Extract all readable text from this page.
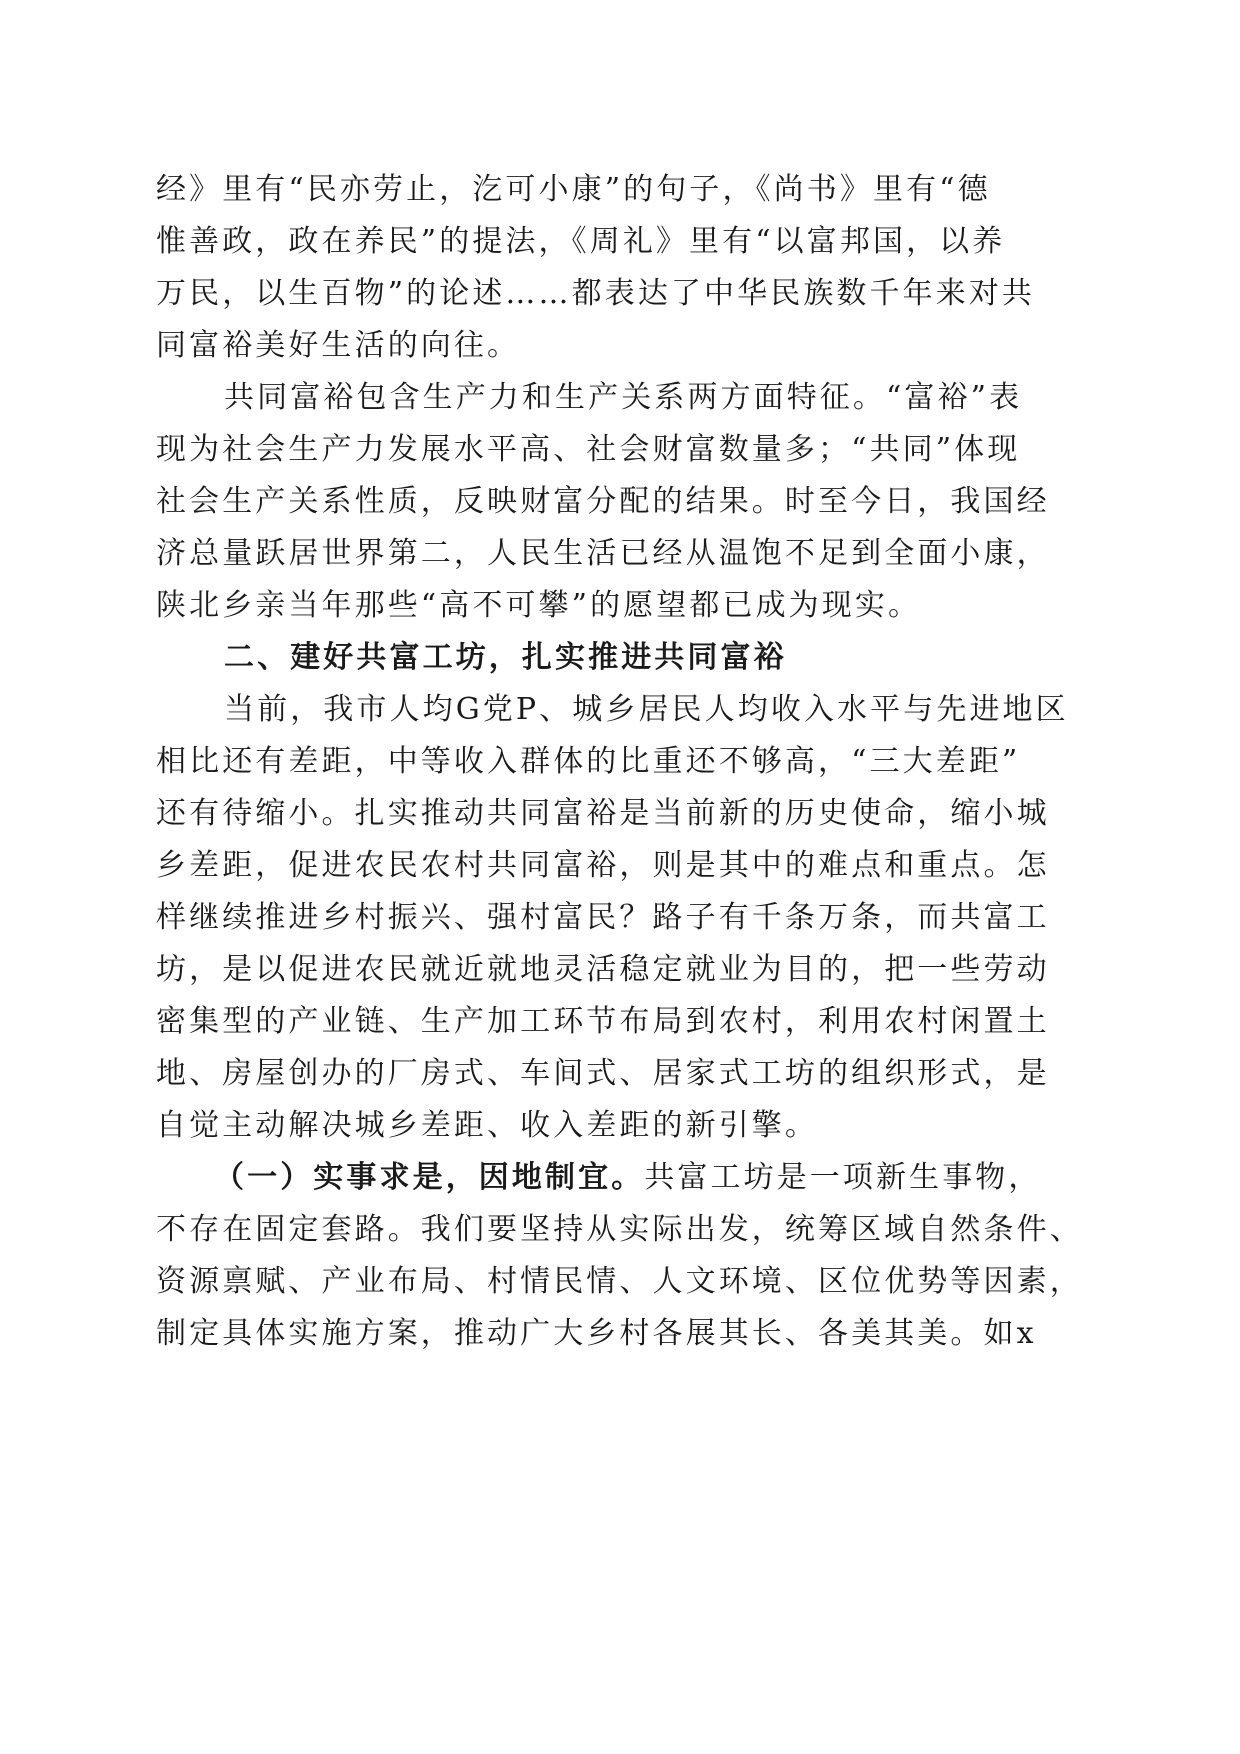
经》里有“民亦劳止，汔可小康”的句子，《尚书》里有“德
惟善政，政在养民”的提法，《周礼》里有“以富邦国，以养
万民，以生百物”的论述……都表达了中华民族数千年来对共
同富裕美好生活的向往。
共同富裕包含生产力和生产关系两方面特征。“富裕”表
现为社会生产力发展水平高、社会财富数量多；“共同”体现
社会生产关系性质，反映财富分配的结果。时至今日，我国经
济总量跃居世界第二，人民生活已经从温饱不足到全面小康，
陕北乡亲当年那些“高不可攀”的愿望都已成为现实。
二、建好共富工坊，扎实推进共同富裕
当前，我市人均G党P、城乡居民人均收入水平与先进地区
相比还有差距，中等收入群体的比重还不够高，“三大差距”
还有待缩小。扎实推动共同富裕是当前新的历史使命，缩小城
乡差距，促进农民农村共同富裕，则是其中的难点和重点。怎
样继续推进乡村振兴、强村富民？路子有千条万条，而共富工
坊，是以促进农民就近就地灵活稳定就业为目的，把一些劳动
密集型的产业链、生产加工环节布局到农村，利用农村闲置土
地、房屋创办的厂房式、车间式、居家式工坊的组织形式，是
自觉主动解决城乡差距、收入差距的新引擎。
（一）实事求是，因地制宜。共富工坊是一项新生事物，
不存在固定套路。我们要坚持从实际出发，统筹区域自然条件、
资源禀赋、产业布局、村情民情、人文环境、区位优势等因素，
制定具体实施方案，推动广大乡村各展其长、各美其美。如x
